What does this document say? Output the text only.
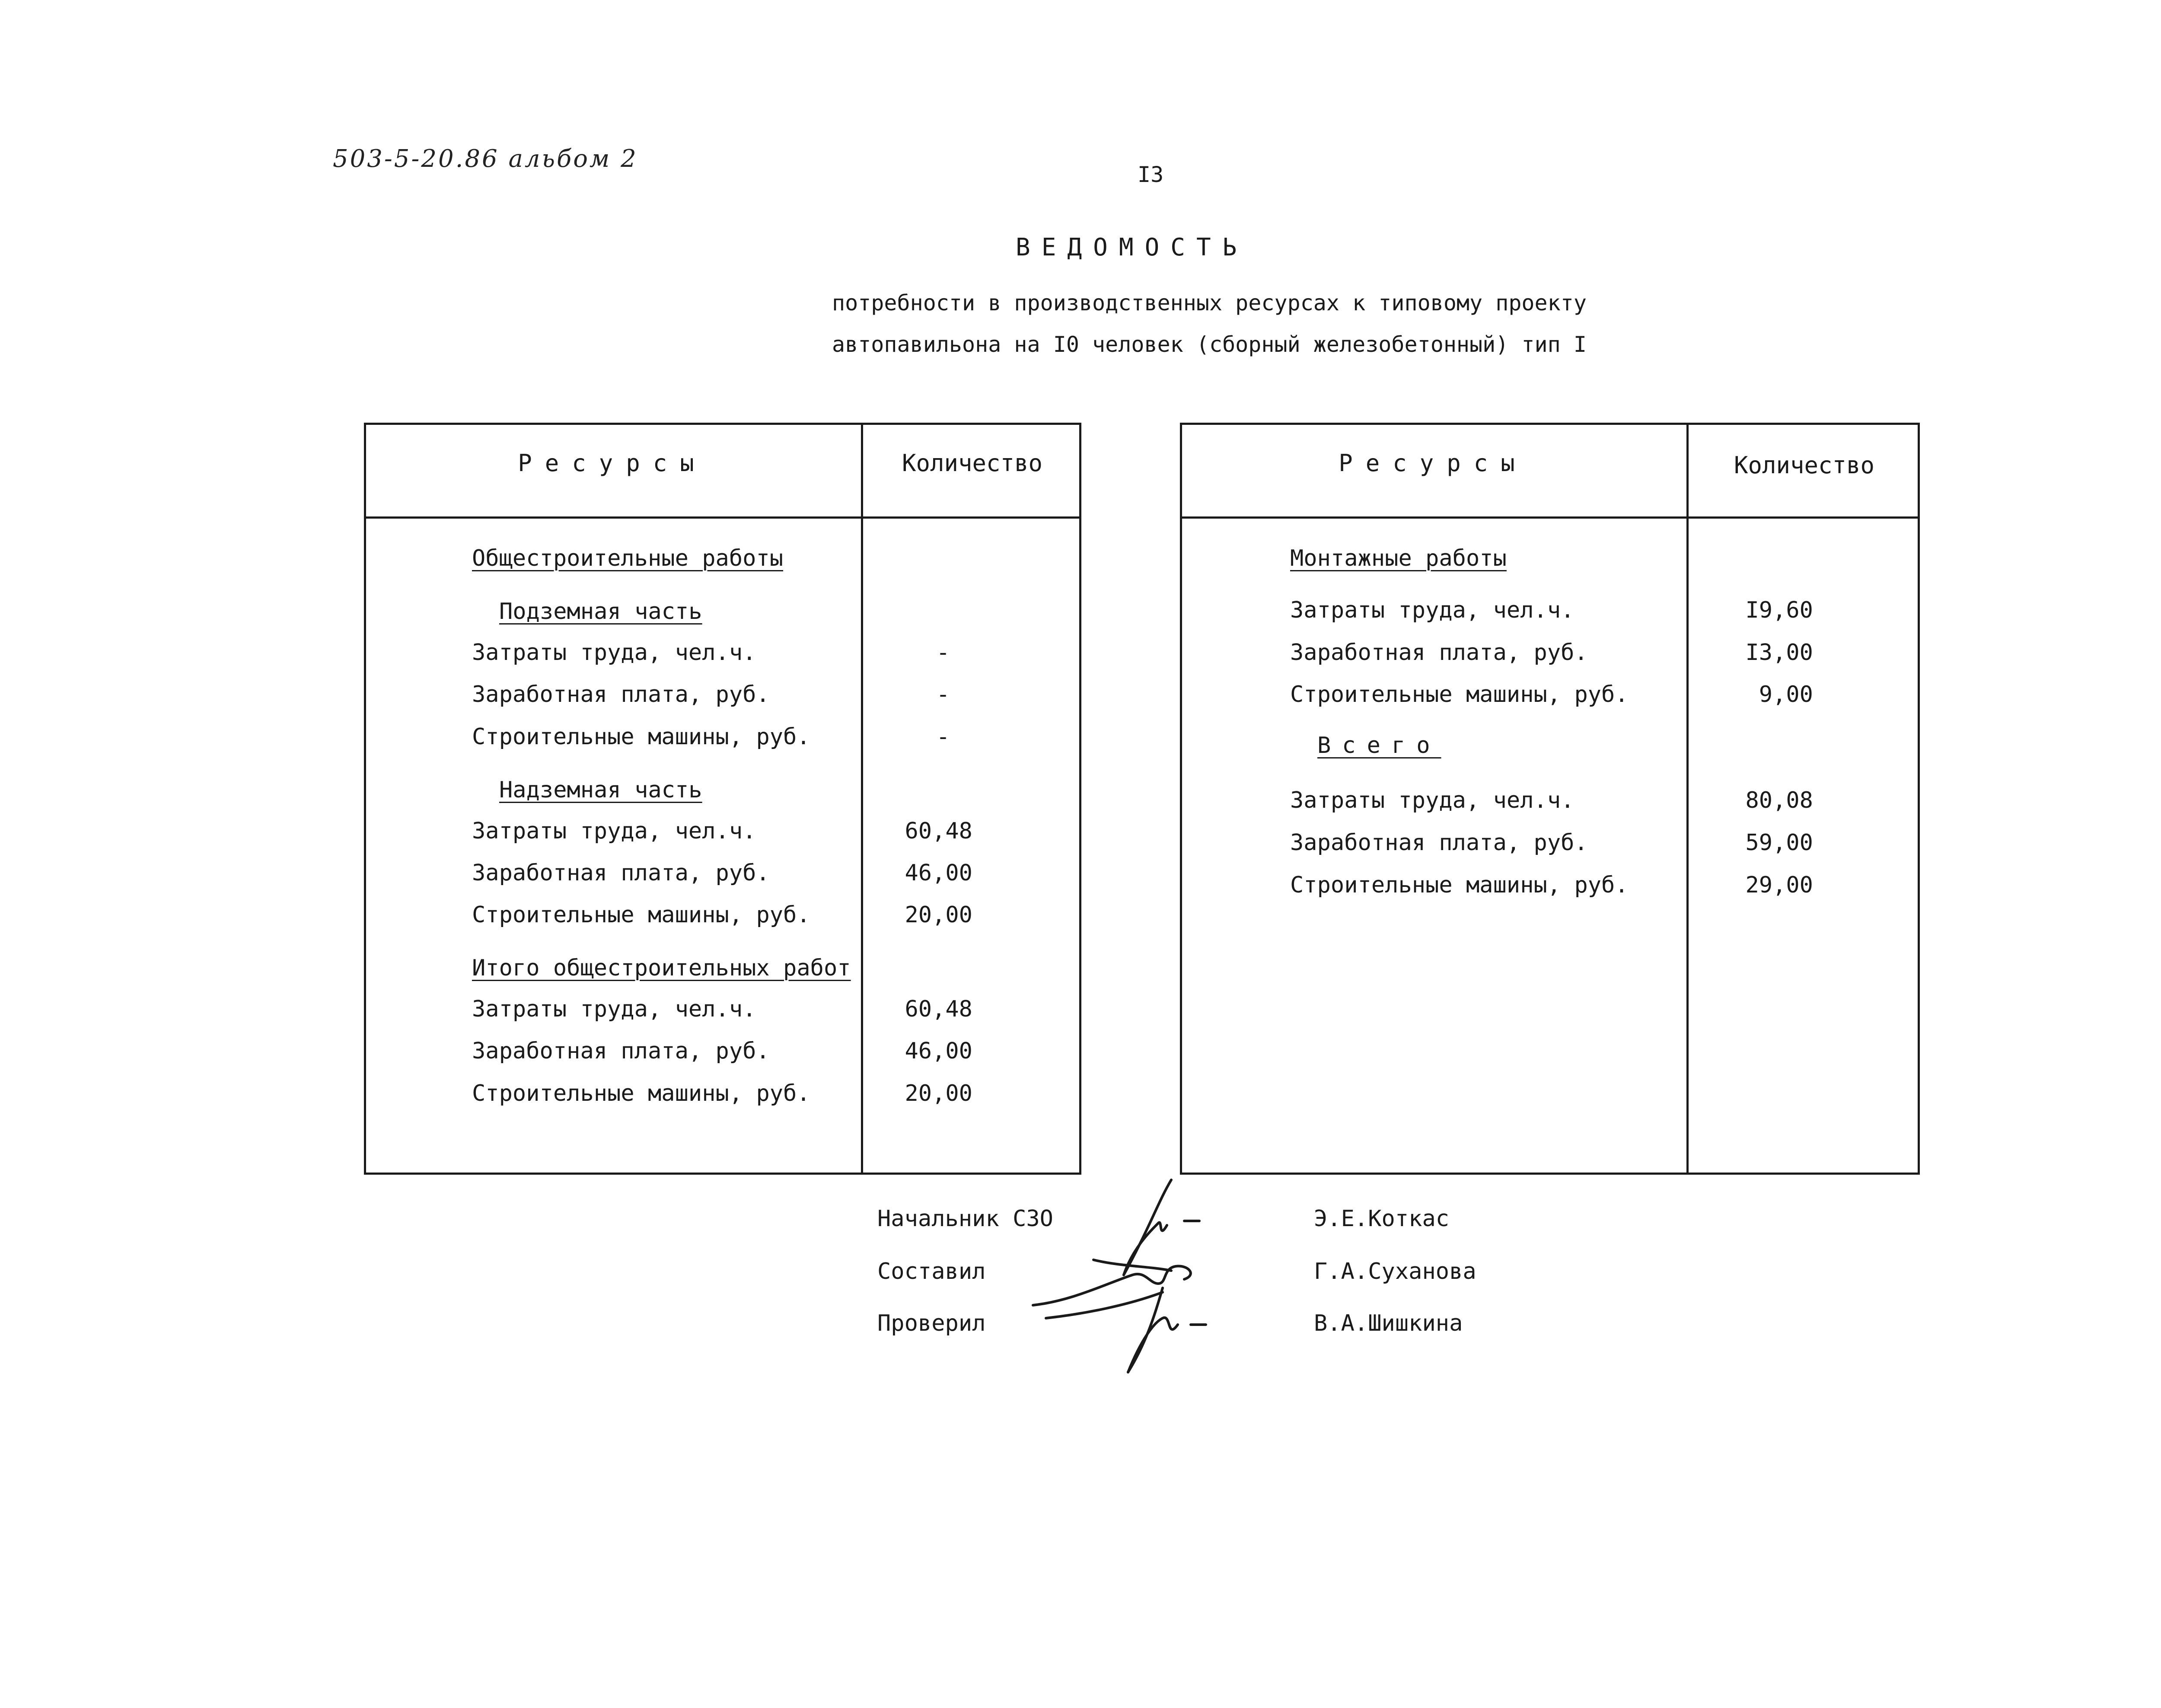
503-5-20.86 альбом 2
I3
ВЕДОМОСТЬ
потребности в производственных ресурсах к типовому проекту
автопавильона на I0 человек (сборный железобетонный) тип I
Ресурсы	Количество
Общестроительные работы
Подземная часть
Затраты труда, чел.ч.	-
Заработная плата, руб.	-
Строительные машины, руб.	-
Надземная часть
Затраты труда, чел.ч.	60,48
Заработная плата, руб.	46,00
Строительные машины, руб.	20,00
Итого общестроительных работ
Затраты труда, чел.ч.	60,48
Заработная плата, руб.	46,00
Строительные машины, руб.	20,00
Ресурсы	Количество
Монтажные работы
Затраты труда, чел.ч.	I9,60
Заработная плата, руб.	I3,00
Строительные машины, руб.	9,00
Всего
Затраты труда, чел.ч.	80,08
Заработная плата, руб.	59,00
Строительные машины, руб.	29,00
Начальник СЗО	Э.Е.Коткас
Составил	Г.А.Суханова
Проверил	В.А.Шишкина
